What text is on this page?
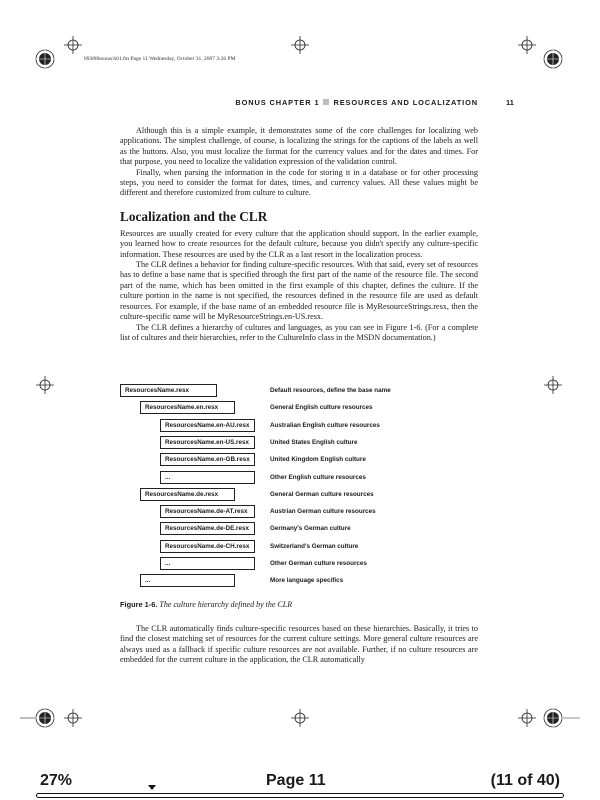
89388bonusch01.fm Page 11 Wednesday, October 31, 2007 3:26 PM
BONUS CHAPTER 1 RESOURCES AND LOCALIZATION	11

Although this is a simple example, it demonstrates some of the core challenges for localizing web applications. The simplest challenge, of course, is localizing the strings for the captions of the labels as well as the buttons. Also, you must localize the format for the currency values and for the dates and times. For that purpose, you need to localize the validation expression of the validation control.

Finally, when parsing the information in the code for storing it in a database or for other processing steps, you need to consider the format for dates, times, and currency values. All these values might be different and therefore customized from culture to culture.

Localization and the CLR

Resources are usually created for every culture that the application should support. In the earlier example, you learned how to create resources for the default culture, because you didn't specify any culture-specific information. These resources are used by the CLR as a last resort in the localization process.

The CLR defines a behavior for finding culture-specific resources. With that said, every set of resources has to define a base name that is specified through the first part of the name of the resource file. The second part of the name, which has been omitted in the first example of this chapter, defines the culture. If the culture portion in the name is not specified, the resources defined in the resource file are used as default resources. For example, if the base name of an embedded resource file is MyResourceStrings.resx, then the culture-specific name will be MyResourceStrings.en-US.resx.

The CLR defines a hierarchy of cultures and languages, as you can see in Figure 1-6. (For a complete list of cultures and their hierarchies, refer to the CultureInfo class in the MSDN documentation.)

ResourcesName.resx	Default resources, define the base name
ResourcesName.en.resx	General English culture resources
ResourcesName.en-AU.resx	Australian English culture resources
ResourcesName.en-US.resx	United States English culture
ResourcesName.en-GB.resx	United Kingdom English culture
...	Other English culture resources
ResourcesName.de.resx	General German culture resources
ResourcesName.de-AT.resx	Austrian German culture resources
ResourcesName.de-DE.resx	Germany's German culture
ResourcesName.de-CH.resx	Switzerland's German culture
...	Other German culture resources
...	More language specifics
Figure 1-6. The culture hierarchy defined by the CLR

The CLR automatically finds culture-specific resources based on these hierarchies. Basically, it tries to find the closest matching set of resources for the current culture settings. More general culture resources are always used as a fallback if specific culture resources are not available. Further, if no culture resources are embedded for the current culture in the application, the CLR automatically

27%	Page 11	(11 of 40)
